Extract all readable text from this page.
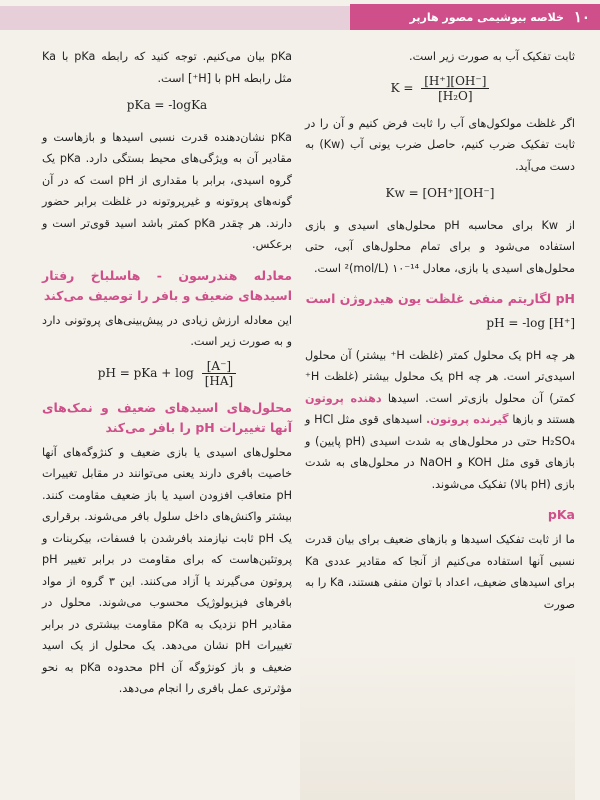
۱۰
خلاصه بیوشیمی مصور هارپر

ثابت تفکیک آب به صورت زیر است.

$K = \frac{[H^+][OH^-]}{\text{[H₂O]}}$

اگر غلظت مولکول‌های آب را ثابت فرض کنیم و آن را در ثابت تفکیک ضرب کنیم، حاصل ضرب یونی آب (Kw) به دست می‌آید.

Kw = [OH⁺][OH⁻]

از Kw برای محاسبه pH محلول‌های اسیدی و بازی استفاده می‌شود و برای تمام محلول‌های آبی، حتی محلول‌های اسیدی یا بازی، معادل ¹⁴⁻۱۰ (mol/L)² است.

pH لگاریتم منفی غلظت یون هیدروژن است
pH = -log [H⁺]

هر چه pH یک محلول کمتر (غلظت H⁺ بیشتر) آن محلول اسیدی‌تر است. هر چه pH یک محلول بیشتر (غلظت H⁺ کمتر) آن محلول بازی‌تر است. اسیدها دهنده پروتون هستند و بازها گیرنده پروتون. اسیدهای قوی مثل HCl و H₂SO₄ حتی در محلول‌های به شدت اسیدی (pH پایین) و بازهای قوی مثل KOH و NaOH در محلول‌های به شدت بازی (pH بالا) تفکیک می‌شوند.

pKa

ما از ثابت تفکیک اسیدها و بازهای ضعیف برای بیان قدرت نسبی آنها استفاده می‌کنیم از آنجا که مقادیر عددی Ka برای اسیدهای ضعیف، اعداد با توان منفی هستند، Ka را به صورت

pKa بیان می‌کنیم. توجه کنید که رابطه pKa با Ka مثل رابطه pH با [H⁺] است.

pKa = -logKa

pKa نشان‌دهنده قدرت نسبی اسیدها و بازهاست و مقادیر آن به ویژگی‌های محیط بستگی دارد. pKa یک گروه اسیدی، برابر با مقداری از pH است که در آن گونه‌های پروتونه و غیرپروتونه در غلظت برابر حضور دارند. هر چقدر pKa کمتر باشد اسید قوی‌تر است و برعکس.

معادله هندرسون - هاسلباخ رفتار اسیدهای ضعیف و بافر را توصیف می‌کند

این معادله ارزش زیادی در پیش‌بینی‌های پروتونی دارد و به صورت زیر است.

pH = pKa + $\log \frac{[A^-]}{[HA]}$
محلول‌های اسیدهای ضعیف و نمک‌های آنها تغییرات pH را بافر می‌کند

محلول‌های اسیدی یا بازی ضعیف و کنژوگه‌های آنها خاصیت بافری دارند یعنی می‌توانند در مقابل تغییرات pH متعاقب افزودن اسید یا باز ضعیف مقاومت کنند. بیشتر واکنش‌های داخل سلول بافر می‌شوند. برقراری یک pH ثابت نیازمند بافرشدن با فسفات، بیکربنات و پروتئین‌هاست که برای مقاومت در برابر تغییر pH پروتون می‌گیرند یا آزاد می‌کنند. این ۳ گروه از مواد بافرهای فیزیولوژیک محسوب می‌شوند. محلول در مقادیر pH نزدیک به pKa مقاومت بیشتری در برابر تغییرات pH نشان می‌دهد. یک محلول از یک اسید ضعیف و باز کونژوگه آن pH محدوده pKa به نحو مؤثرتری عمل بافری را انجام می‌دهد.
